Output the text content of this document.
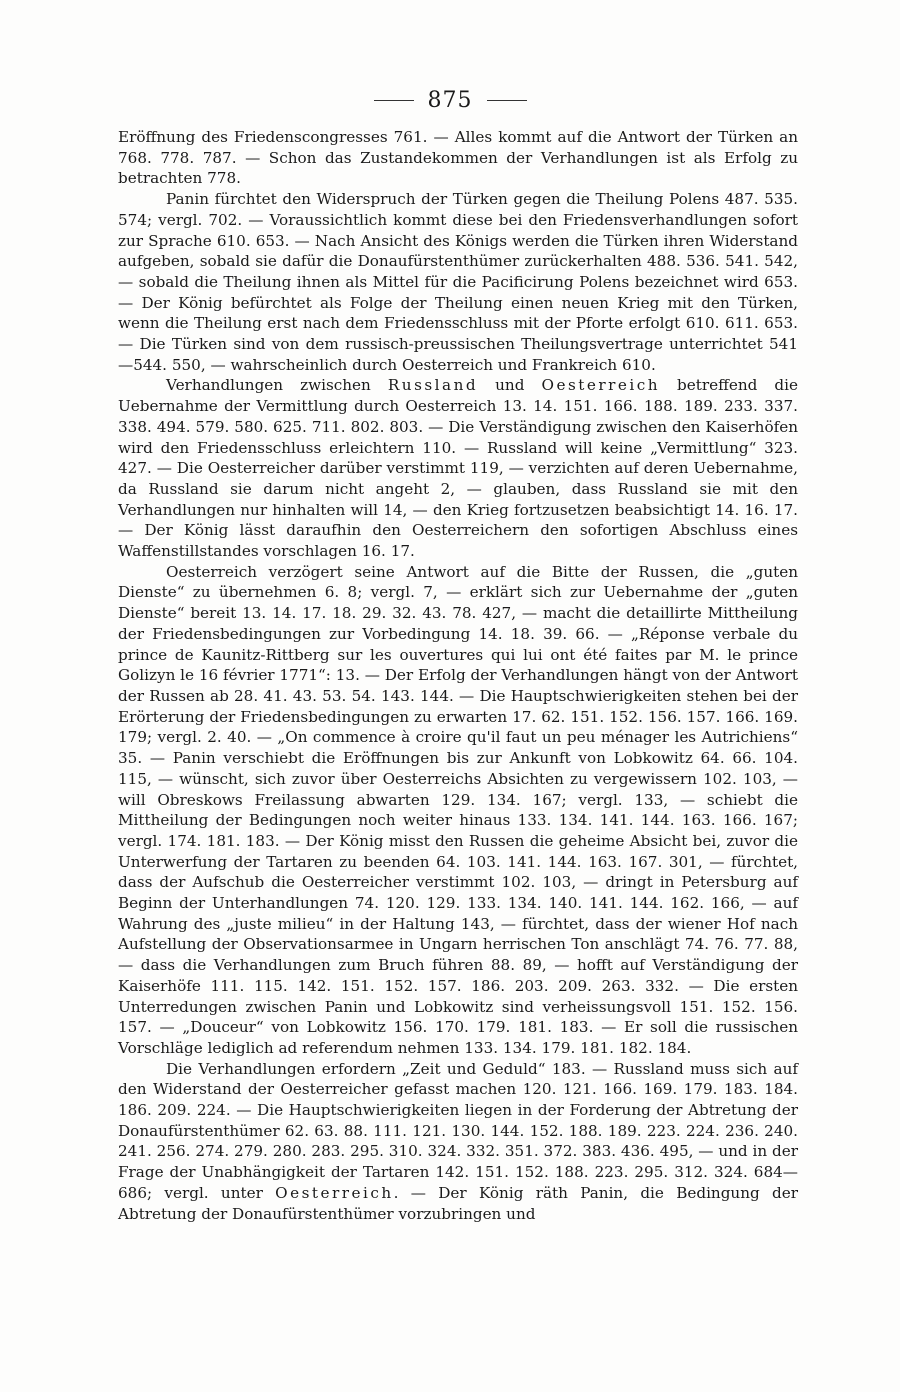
875

Eröffnung des Friedenscongresses 761. — Alles kommt auf die Antwort der Türken an 768. 778. 787. — Schon das Zustandekommen der Verhandlungen ist als Erfolg zu betrachten 778.

Panin fürchtet den Widerspruch der Türken gegen die Theilung Polens 487. 535. 574; vergl. 702. — Voraussichtlich kommt diese bei den Friedensverhandlungen sofort zur Sprache 610. 653. — Nach Ansicht des Königs werden die Türken ihren Widerstand aufgeben, sobald sie dafür die Donaufürstenthümer zurückerhalten 488. 536. 541. 542, — sobald die Theilung ihnen als Mittel für die Pacificirung Polens bezeichnet wird 653. — Der König befürchtet als Folge der Theilung einen neuen Krieg mit den Türken, wenn die Theilung erst nach dem Friedensschluss mit der Pforte erfolgt 610. 611. 653. — Die Türken sind von dem russisch-preussischen Theilungsvertrage unterrichtet 541—544. 550, — wahrscheinlich durch Oesterreich und Frankreich 610.

Verhandlungen zwischen Russland und Oesterreich betreffend die Uebernahme der Vermittlung durch Oesterreich 13. 14. 151. 166. 188. 189. 233. 337. 338. 494. 579. 580. 625. 711. 802. 803. — Die Verständigung zwischen den Kaiserhöfen wird den Friedensschluss erleichtern 110. — Russland will keine „Vermittlung“ 323. 427. — Die Oesterreicher darüber verstimmt 119, — verzichten auf deren Uebernahme, da Russland sie darum nicht angeht 2, — glauben, dass Russland sie mit den Verhandlungen nur hinhalten will 14, — den Krieg fortzusetzen beabsichtigt 14. 16. 17. — Der König lässt daraufhin den Oesterreichern den sofortigen Abschluss eines Waffenstillstandes vorschlagen 16. 17.

Oesterreich verzögert seine Antwort auf die Bitte der Russen, die „guten Dienste“ zu übernehmen 6. 8; vergl. 7, — erklärt sich zur Uebernahme der „guten Dienste“ bereit 13. 14. 17. 18. 29. 32. 43. 78. 427, — macht die detaillirte Mittheilung der Friedensbedingungen zur Vorbedingung 14. 18. 39. 66. — „Réponse verbale du prince de Kaunitz-Rittberg sur les ouvertures qui lui ont été faites par M. le prince Golizyn le 16 février 1771“: 13. — Der Erfolg der Verhandlungen hängt von der Antwort der Russen ab 28. 41. 43. 53. 54. 143. 144. — Die Hauptschwierigkeiten stehen bei der Erörterung der Friedensbedingungen zu erwarten 17. 62. 151. 152. 156. 157. 166. 169. 179; vergl. 2. 40. — „On commence à croire qu'il faut un peu ménager les Autrichiens“ 35. — Panin verschiebt die Eröffnungen bis zur Ankunft von Lobkowitz 64. 66. 104. 115, — wünscht, sich zuvor über Oesterreichs Absichten zu vergewissern 102. 103, — will Obreskows Freilassung abwarten 129. 134. 167; vergl. 133, — schiebt die Mittheilung der Bedingungen noch weiter hinaus 133. 134. 141. 144. 163. 166. 167; vergl. 174. 181. 183. — Der König misst den Russen die geheime Absicht bei, zuvor die Unterwerfung der Tartaren zu beenden 64. 103. 141. 144. 163. 167. 301, — fürchtet, dass der Aufschub die Oesterreicher verstimmt 102. 103, — dringt in Petersburg auf Beginn der Unterhandlungen 74. 120. 129. 133. 134. 140. 141. 144. 162. 166, — auf Wahrung des „juste milieu“ in der Haltung 143, — fürchtet, dass der wiener Hof nach Aufstellung der Observationsarmee in Ungarn herrischen Ton anschlägt 74. 76. 77. 88, — dass die Verhandlungen zum Bruch führen 88. 89, — hofft auf Verständigung der Kaiserhöfe 111. 115. 142. 151. 152. 157. 186. 203. 209. 263. 332. — Die ersten Unterredungen zwischen Panin und Lobkowitz sind verheissungsvoll 151. 152. 156. 157. — „Douceur“ von Lobkowitz 156. 170. 179. 181. 183. — Er soll die russischen Vorschläge lediglich ad referendum nehmen 133. 134. 179. 181. 182. 184.

Die Verhandlungen erfordern „Zeit und Geduld“ 183. — Russland muss sich auf den Widerstand der Oesterreicher gefasst machen 120. 121. 166. 169. 179. 183. 184. 186. 209. 224. — Die Hauptschwierigkeiten liegen in der Forderung der Abtretung der Donaufürstenthümer 62. 63. 88. 111. 121. 130. 144. 152. 188. 189. 223. 224. 236. 240. 241. 256. 274. 279. 280. 283. 295. 310. 324. 332. 351. 372. 383. 436. 495, — und in der Frage der Unabhängigkeit der Tartaren 142. 151. 152. 188. 223. 295. 312. 324. 684—686; vergl. unter Oesterreich. — Der König räth Panin, die Bedingung der Abtretung der Donaufürstenthümer vorzubringen und
